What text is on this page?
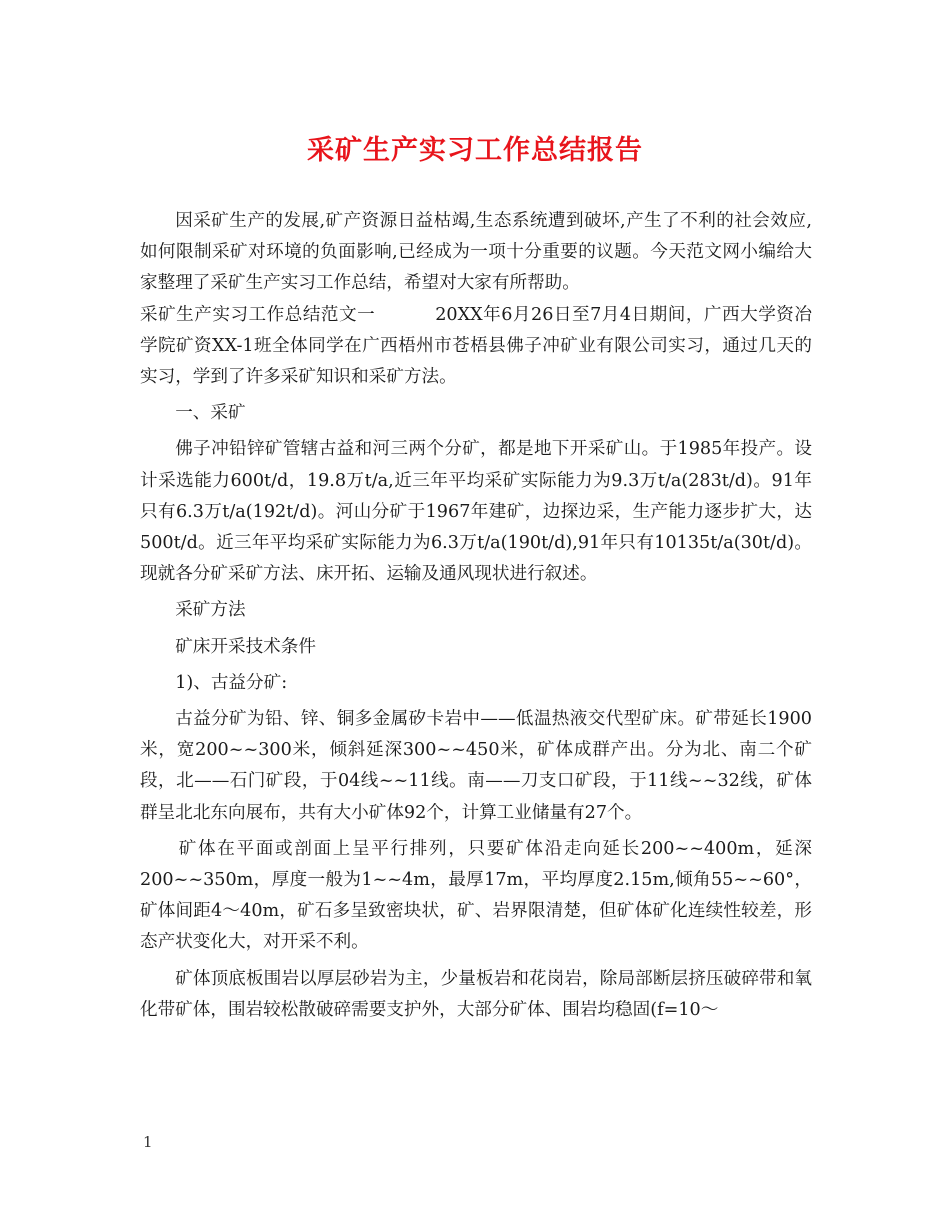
采矿生产实习工作总结报告

因采矿生产的发展,矿产资源日益枯竭,生态系统遭到破坏,产生了不利的社会效应,如何限制采矿对环境的负面影响,已经成为一项十分重要的议题。今天范文网小编给大家整理了采矿生产实习工作总结，希望对大家有所帮助。

采矿生产实习工作总结范文一	20XX年6月26日至7月4日期间，广西大学资冶学院矿资XX-1班全体同学在广西梧州市苍梧县佛子冲矿业有限公司实习，通过几天的实习，学到了许多采矿知识和采矿方法。

一、采矿

佛子冲铅锌矿管辖古益和河三两个分矿，都是地下开采矿山。于1985年投产。设计采选能力600t/d，19.8万t/a,近三年平均采矿实际能力为9.3万t/a(283t/d)。91年只有6.3万t/a(192t/d)。河山分矿于1967年建矿，边探边采，生产能力逐步扩大，达500t/d。近三年平均采矿实际能力为6.3万t/a(190t/d),91年只有10135t/a(30t/d)。现就各分矿采矿方法、床开拓、运输及通风现状进行叙述。

采矿方法

矿床开采技术条件

1)、古益分矿:

古益分矿为铅、锌、铜多金属矽卡岩中——低温热液交代型矿床。矿带延长1900米，宽200~~300米，倾斜延深300~~450米，矿体成群产出。分为北、南二个矿段，北——石门矿段，于04线~~11线。南——刀支口矿段，于11线~~32线，矿体群呈北北东向展布，共有大小矿体92个，计算工业储量有27个。

矿体在平面或剖面上呈平行排列，只要矿体沿走向延长200~~400m，延深200~~350m，厚度一般为1~~4m，最厚17m，平均厚度2.15m,倾角55~~60°，矿体间距4～40m，矿石多呈致密块状，矿、岩界限清楚，但矿体矿化连续性较差，形态产状变化大，对开采不利。

矿体顶底板围岩以厚层砂岩为主，少量板岩和花岗岩，除局部断层挤压破碎带和氧化带矿体，围岩较松散破碎需要支护外，大部分矿体、围岩均稳固(f=10～

1
